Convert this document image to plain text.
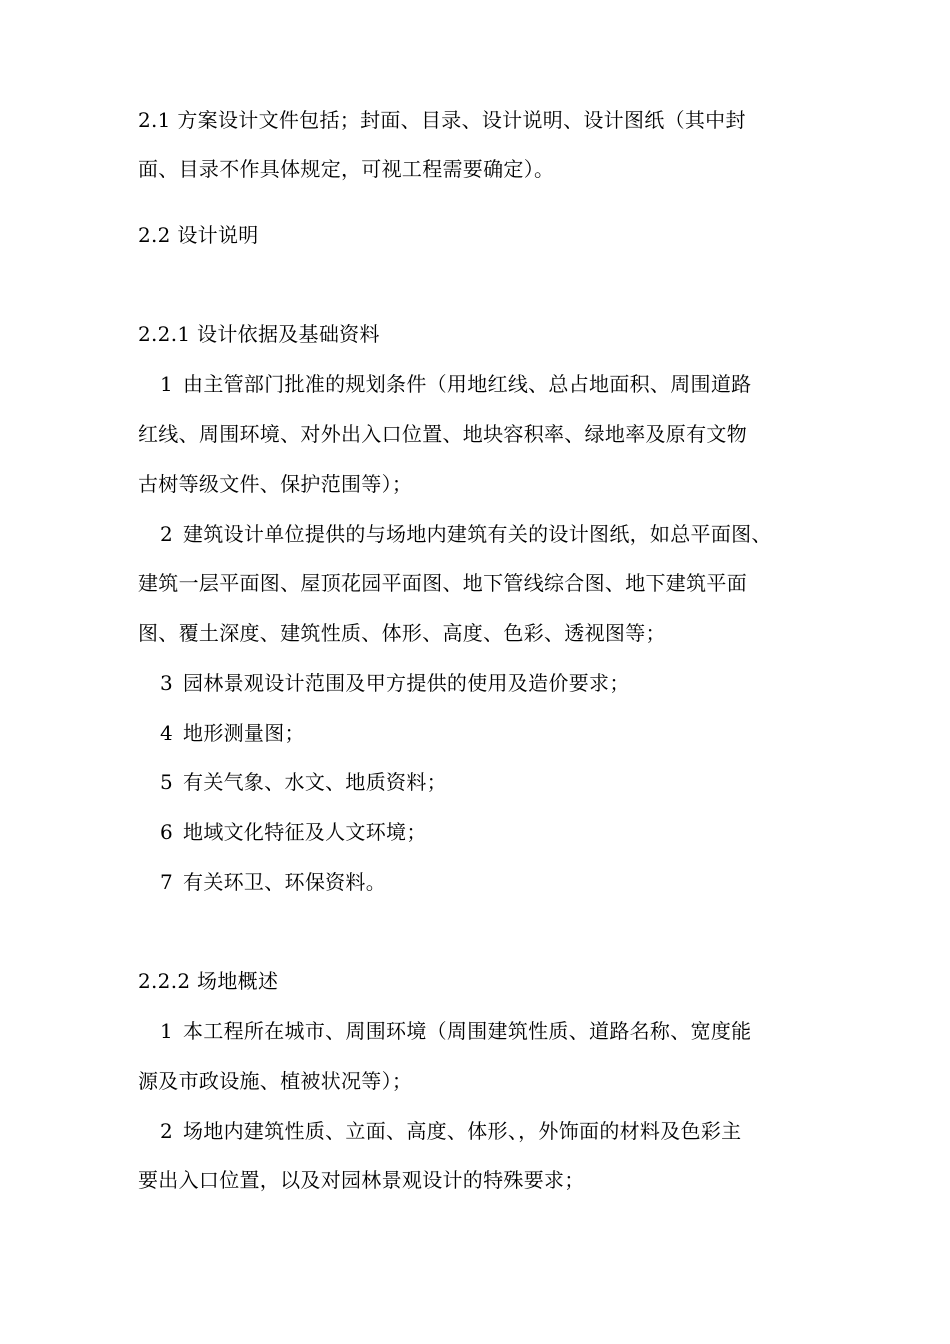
2.1 方案设计文件包括；封面、目录、设计说明、设计图纸（其中封
面、目录不作具体规定，可视工程需要确定）。
2.2 设计说明
2.2.1 设计依据及基础资料
1 由主管部门批准的规划条件（用地红线、总占地面积、周围道路
红线、周围环境、对外出入口位置、地块容积率、绿地率及原有文物
古树等级文件、保护范围等）；
2 建筑设计单位提供的与场地内建筑有关的设计图纸，如总平面图、
建筑一层平面图、屋顶花园平面图、地下管线综合图、地下建筑平面
图、覆土深度、建筑性质、体形、高度、色彩、透视图等；
3 园林景观设计范围及甲方提供的使用及造价要求；
4 地形测量图；
5 有关气象、水文、地质资料；
6 地域文化特征及人文环境；
7 有关环卫、环保资料。
2.2.2 场地概述
1 本工程所在城市、周围环境（周围建筑性质、道路名称、宽度能
源及市政设施、植被状况等）；
2 场地内建筑性质、立面、高度、体形、，外饰面的材料及色彩主
要出入口位置，以及对园林景观设计的特殊要求；
